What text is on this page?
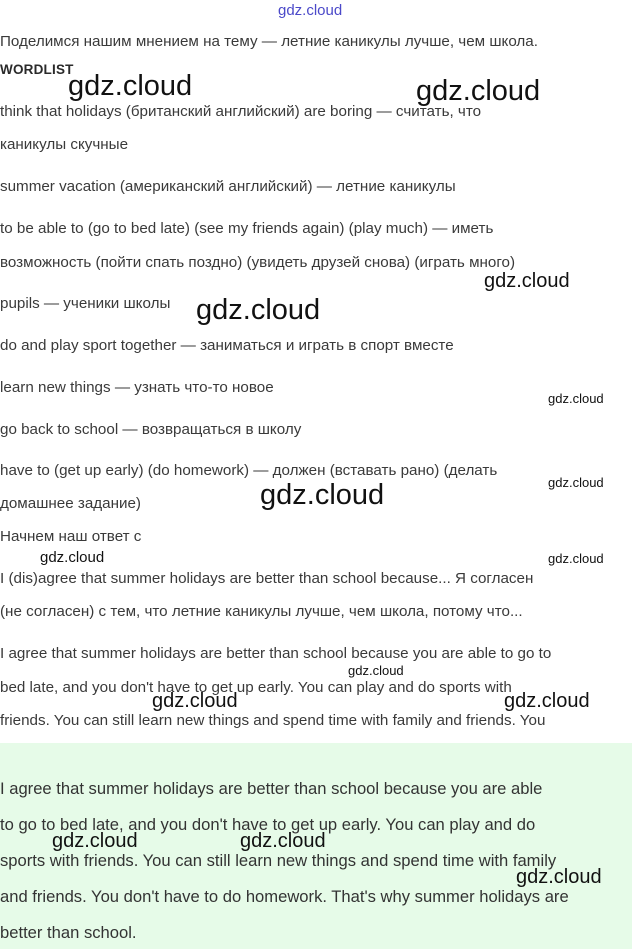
gdz.cloud
Поделимся нашим мнением на тему — летние каникулы лучше, чем школа.
WORDLIST
think that holidays (британский английский) are boring — считать, что
каникулы скучные
summer vacation (американский английский) — летние каникулы
to be able to (go to bed late) (see my friends again) (play much) — иметь
возможность (пойти спать поздно) (увидеть друзей снова) (играть много)
pupils — ученики школы
do and play sport together — заниматься и играть в спорт вместе
learn new things — узнать что-то новое
go back to school — возвращаться в школу
have to (get up early) (do homework) — должен (вставать рано) (делать
домашнее задание)
Начнем наш ответ с
I (dis)agree that summer holidays are better than school because... Я согласен
(не согласен) с тем, что летние каникулы лучше, чем школа, потому что...
I agree that summer holidays are better than school because you are able to go to
bed late, and you don't have to get up early. You can play and do sports with
friends. You can still learn new things and spend time with family and friends. You
I agree that summer holidays are better than school because you are able
to go to bed late, and you don't have to get up early. You can play and do
sports with friends. You can still learn new things and spend time with family
and friends. You don't have to do homework. That's why summer holidays are
better than school.
gdz.cloud	gdz.cloud
gdz.cloud
gdz.cloud
gdz.cloud
gdz.cloud
gdz.cloud
gdz.cloud	gdz.cloud
gdz.cloud
gdz.cloud	gdz.cloud
gdz.cloud	gdz.cloud
gdz.cloud
